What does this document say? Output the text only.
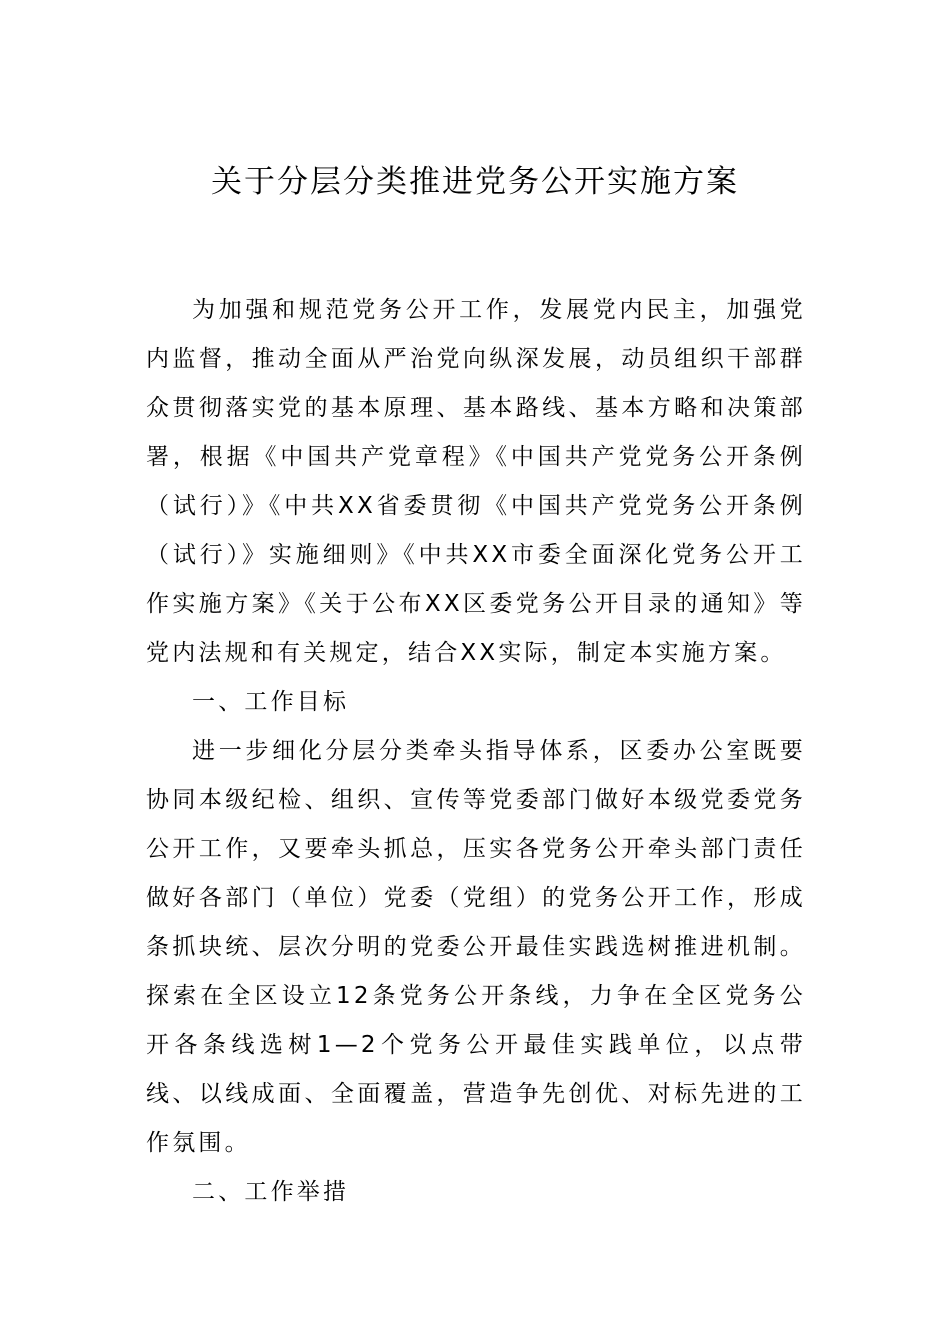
关于分层分类推进党务公开实施方案

为加强和规范党务公开工作，发展党内民主，加强党内监督，推动全面从严治党向纵深发展，动员组织干部群众贯彻落实党的基本原理、基本路线、基本方略和决策部署，根据《中国共产党章程》《中国共产党党务公开条例（试行）》《中共XX省委贯彻《中国共产党党务公开条例（试行）》实施细则》《中共XX市委全面深化党务公开工作实施方案》《关于公布XX区委党务公开目录的通知》等党内法规和有关规定，结合XX实际，制定本实施方案。

一、工作目标

进一步细化分层分类牵头指导体系，区委办公室既要协同本级纪检、组织、宣传等党委部门做好本级党委党务公开工作，又要牵头抓总，压实各党务公开牵头部门责任做好各部门（单位）党委（党组）的党务公开工作，形成条抓块统、层次分明的党委公开最佳实践选树推进机制。探索在全区设立12条党务公开条线，力争在全区党务公开各条线选树1—2个党务公开最佳实践单位，以点带线、以线成面、全面覆盖，营造争先创优、对标先进的工作氛围。

二、工作举措
